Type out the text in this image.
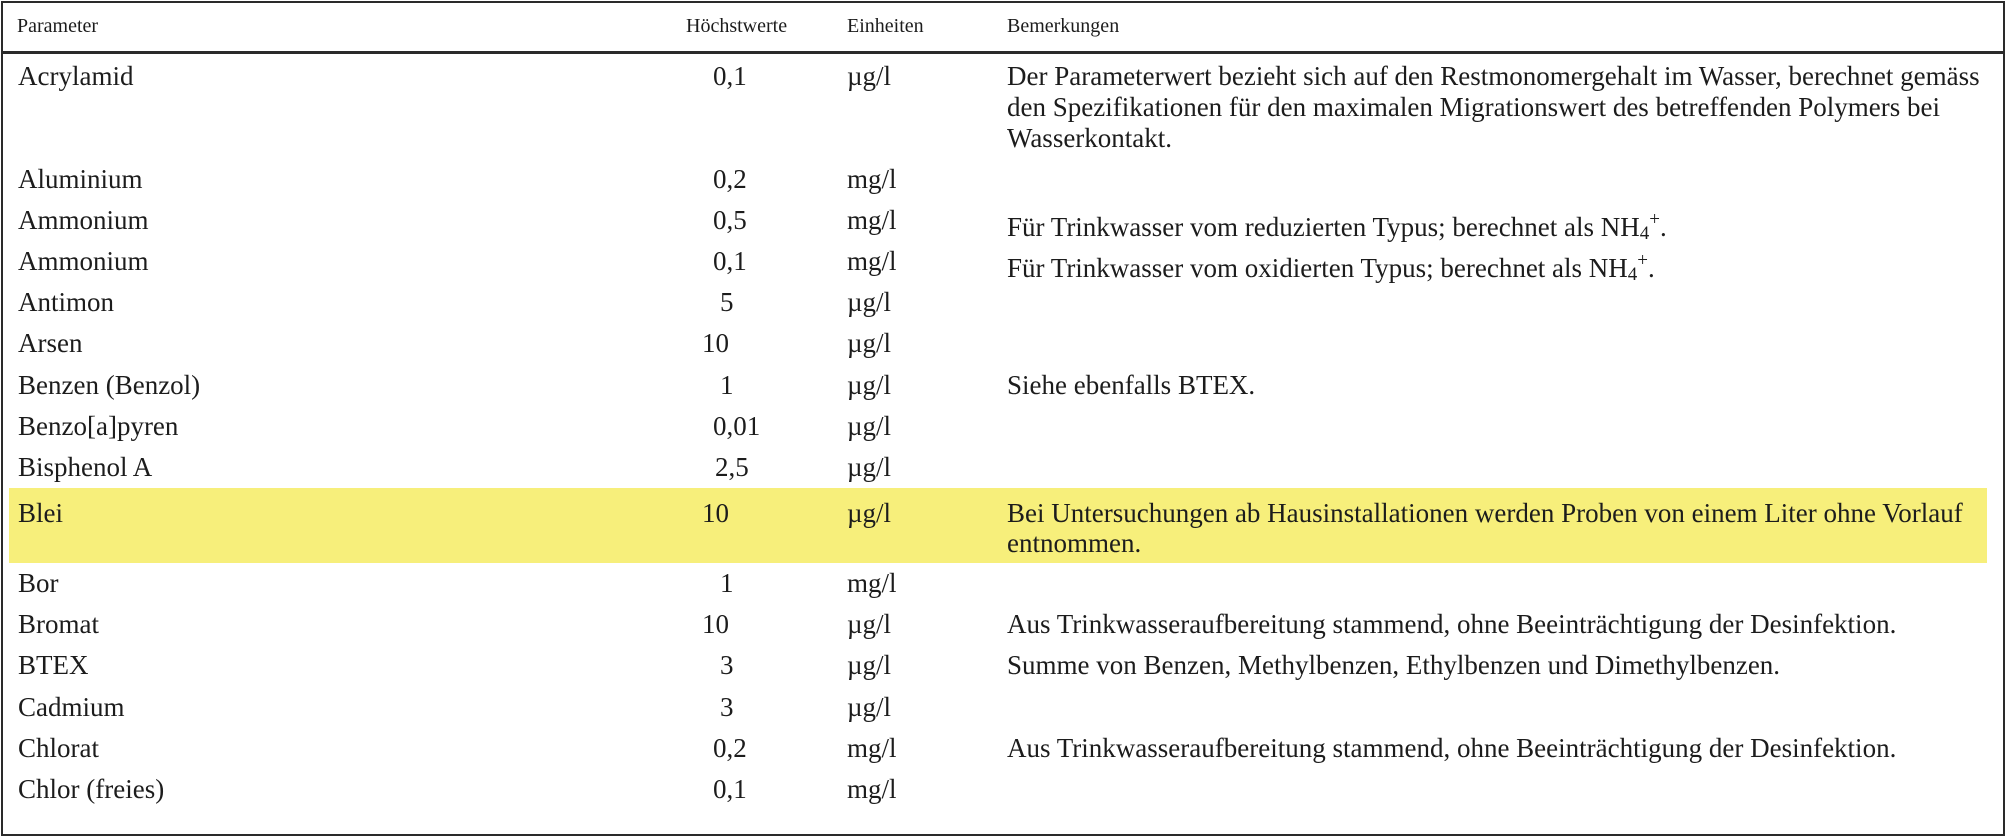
Parameter	Höchstwerte	Einheiten	Bemerkungen
Acrylamid	0,1	µg/l	Der Parameterwert bezieht sich auf den Restmonomergehalt im Wasser, berechnet gemäss den Spezifikationen für den maximalen Migrationswert des betreffenden Polymers bei Wasserkontakt.
Aluminium	0,2	mg/l
Ammonium	0,5	mg/l	Für Trinkwasser vom reduzierten Typus; berechnet als $NH_4^+$.
Ammonium	0,1	mg/l	Für Trinkwasser vom oxidierten Typus; berechnet als $NH_4^+$.
Antimon	5	µg/l
Arsen	10	µg/l
Benzen (Benzol)	1	µg/l	Siehe ebenfalls BTEX.
Benzo[a]pyren	0,01	µg/l
Bisphenol A	2,5	µg/l
Blei	10	µg/l	Bei Untersuchungen ab Hausinstallationen werden Proben von einem Liter ohne Vorlauf entnommen.
Bor	1	mg/l
Bromat	10	µg/l	Aus Trinkwasseraufbereitung stammend, ohne Beeinträchtigung der Desinfektion.
BTEX	3	µg/l	Summe von Benzen, Methylbenzen, Ethylbenzen und Dimethylbenzen.
Cadmium	3	µg/l
Chlorat	0,2	mg/l	Aus Trinkwasseraufbereitung stammend, ohne Beeinträchtigung der Desinfektion.
Chlor (freies)	0,1	mg/l
